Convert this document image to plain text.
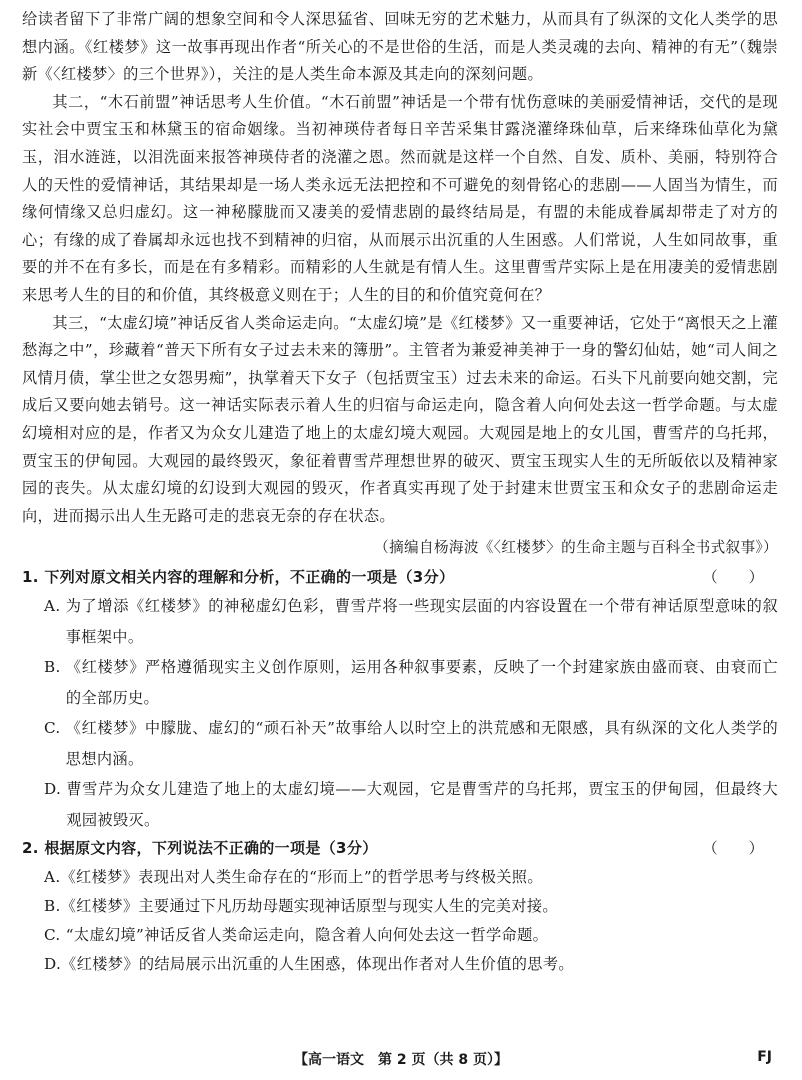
给读者留下了非常广阔的想象空间和令人深思猛省、回味无穷的艺术魅力，从而具有了纵深的文化人类学的思想内涵。《红楼梦》这一故事再现出作者“所关心的不是世俗的生活，而是人类灵魂的去向、精神的有无”（魏崇新《〈红楼梦〉的三个世界》），关注的是人类生命本源及其走向的深刻问题。

其二，“木石前盟”神话思考人生价值。“木石前盟”神话是一个带有忧伤意味的美丽爱情神话，交代的是现实社会中贾宝玉和林黛玉的宿命姻缘。当初神瑛侍者每日辛苦采集甘露浇灌绛珠仙草，后来绛珠仙草化为黛玉，泪水涟涟，以泪洗面来报答神瑛侍者的浇灌之恩。然而就是这样一个自然、自发、质朴、美丽，特别符合人的天性的爱情神话，其结果却是一场人类永远无法把控和不可避免的刻骨铭心的悲剧——人固当为情生，而缘何情缘又总归虚幻。这一神秘朦胧而又凄美的爱情悲剧的最终结局是，有盟的未能成眷属却带走了对方的心；有缘的成了眷属却永远也找不到精神的归宿，从而展示出沉重的人生困惑。人们常说，人生如同故事，重要的并不在有多长，而是在有多精彩。而精彩的人生就是有情人生。这里曹雪芹实际上是在用凄美的爱情悲剧来思考人生的目的和价值，其终极意义则在于；人生的目的和价值究竟何在？

其三，“太虚幻境”神话反省人类命运走向。“太虚幻境”是《红楼梦》又一重要神话，它处于“离恨天之上灌愁海之中”，珍藏着“普天下所有女子过去未来的簿册”。主管者为兼爱神美神于一身的警幻仙姑，她“司人间之风情月债，掌尘世之女怨男痴”，执掌着天下女子（包括贾宝玉）过去未来的命运。石头下凡前要向她交割，完成后又要向她去销号。这一神话实际表示着人生的归宿与命运走向，隐含着人向何处去这一哲学命题。与太虚幻境相对应的是，作者又为众女儿建造了地上的太虚幻境大观园。大观园是地上的女儿国，曹雪芹的乌托邦，贾宝玉的伊甸园。大观园的最终毁灭，象征着曹雪芹理想世界的破灭、贾宝玉现实人生的无所皈依以及精神家园的丧失。从太虚幻境的幻设到大观园的毁灭，作者真实再现了处于封建末世贾宝玉和众女子的悲剧命运走向，进而揭示出人生无路可走的悲哀无奈的存在状态。

（摘编自杨海波《〈红楼梦〉的生命主题与百科全书式叙事》）

1. 下列对原文相关内容的理解和分析，不正确的一项是（3分）	（　　）

A. 为了增添《红楼梦》的神秘虚幻色彩，曹雪芹将一些现实层面的内容设置在一个带有神话原型意味的叙事框架中。
B. 《红楼梦》严格遵循现实主义创作原则，运用各种叙事要素，反映了一个封建家族由盛而衰、由衰而亡的全部历史。
C. 《红楼梦》中朦胧、虚幻的“顽石补天”故事给人以时空上的洪荒感和无限感，具有纵深的文化人类学的思想内涵。
D. 曹雪芹为众女儿建造了地上的太虚幻境——大观园，它是曹雪芹的乌托邦，贾宝玉的伊甸园，但最终大观园被毁灭。

2. 根据原文内容，下列说法不正确的一项是（3分）	（　　）

A. 《红楼梦》表现出对人类生命存在的“形而上”的哲学思考与终极关照。
B. 《红楼梦》主要通过下凡历劫母题实现神话原型与现实人生的完美对接。
C. “太虚幻境”神话反省人类命运走向，隐含着人向何处去这一哲学命题。
D. 《红楼梦》的结局展示出沉重的人生困惑，体现出作者对人生价值的思考。
【高一语文　第 2 页（共 8 页）】	FJ
